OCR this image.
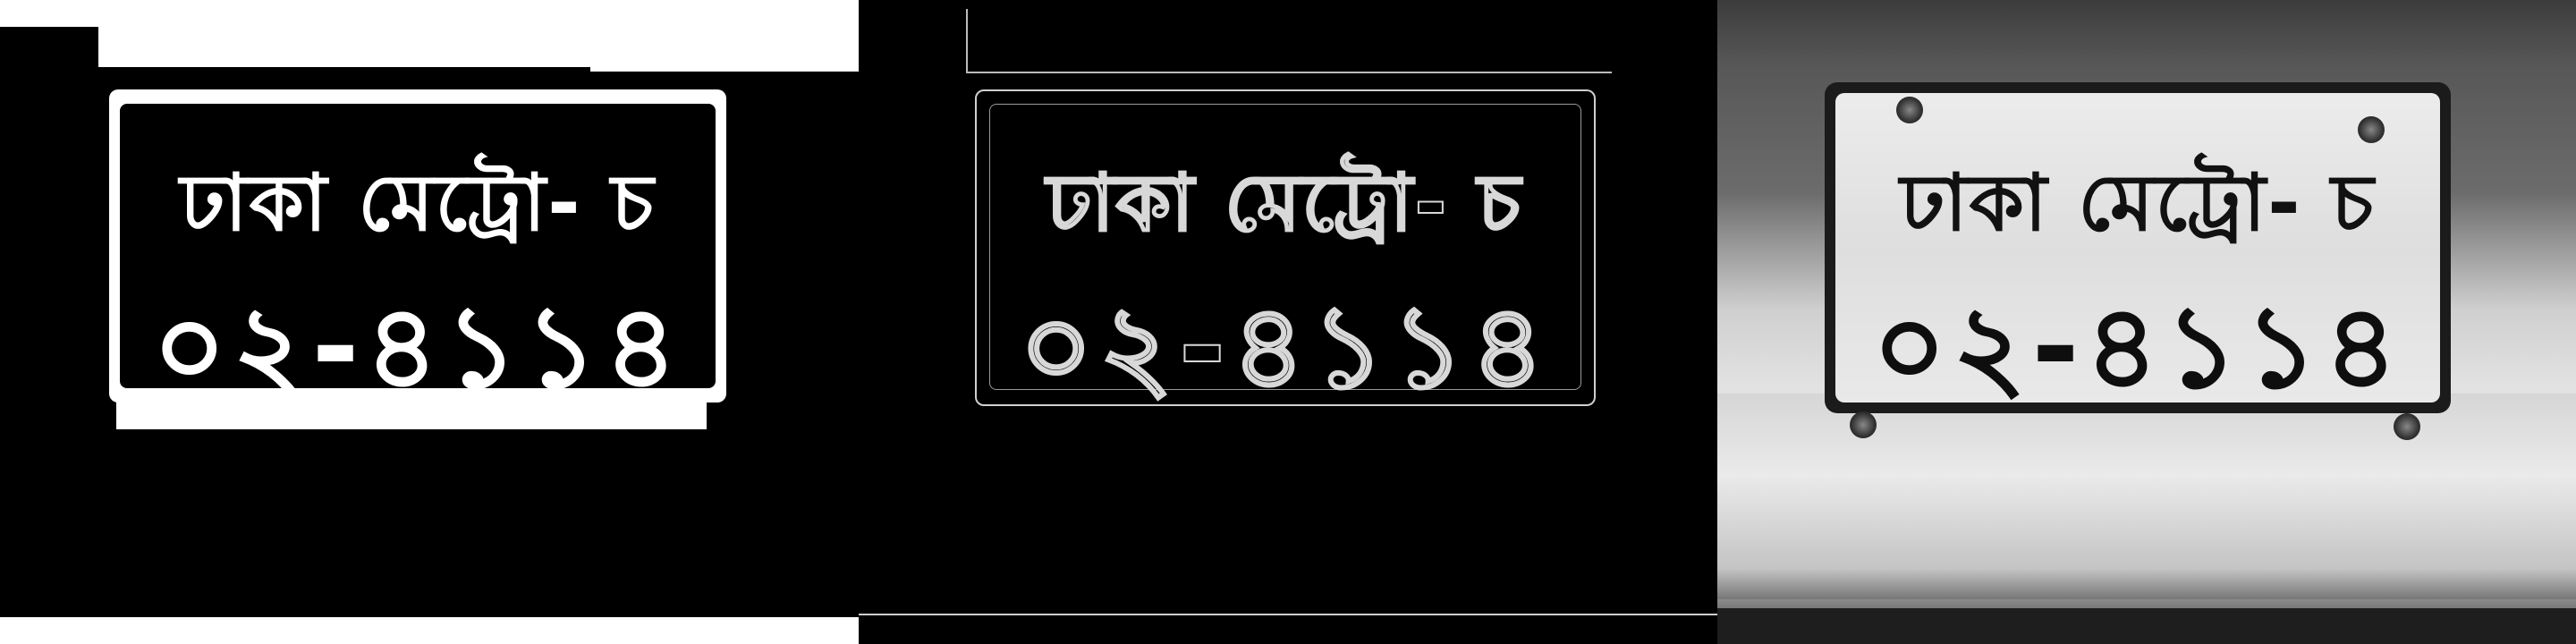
ঢাকা মেট্রো- চ
০২-৪১১৪
ঢাকা মেট্রো- চ
০২-৪১১৪
ঢাকা মেট্রো- চ
০২-৪১১৪
